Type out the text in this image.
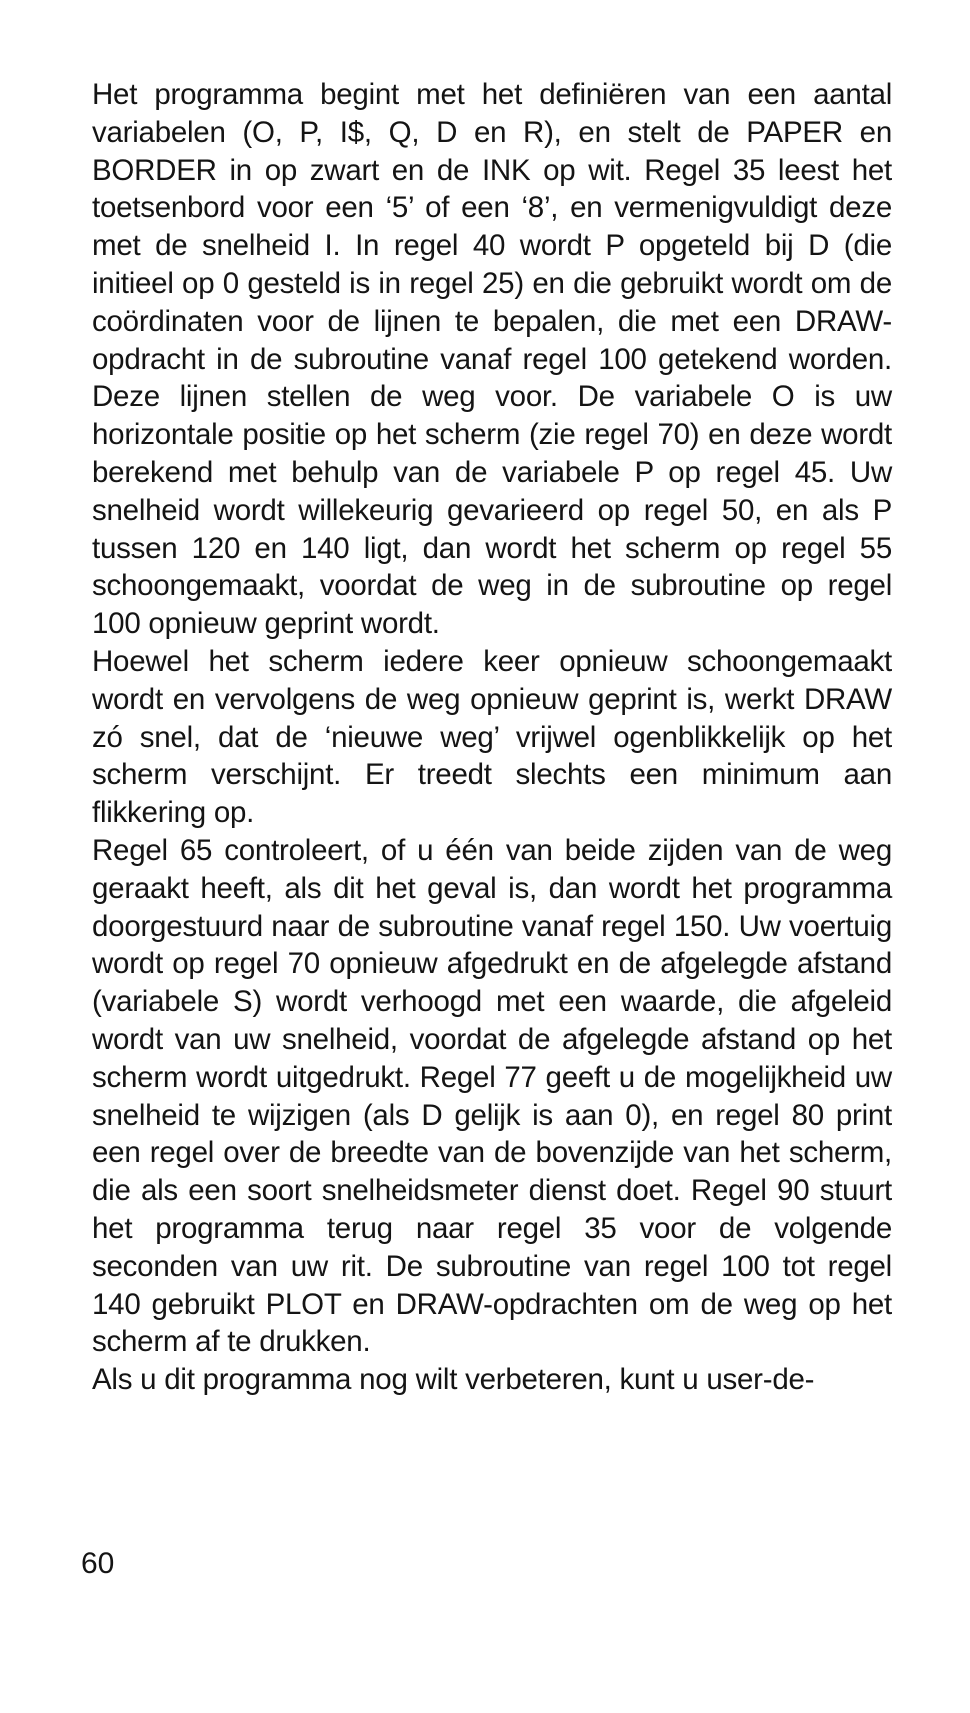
Het programma begint met het definiëren van een aantal variabelen (O, P, I$, Q, D en R), en stelt de PAPER en BORDER in op zwart en de INK op wit. Regel 35 leest het toetsenbord voor een ‘5’ of een ‘8’, en vermenigvuldigt deze met de snelheid I. In regel 40 wordt P opgeteld bij D (die initieel op 0 gesteld is in regel 25) en die gebruikt wordt om de coördinaten voor de lijnen te bepalen, die met een DRAW-opdracht in de subroutine vanaf regel 100 getekend worden. Deze lijnen stellen de weg voor. De variabele O is uw horizontale positie op het scherm (zie regel 70) en deze wordt berekend met behulp van de variabele P op regel 45. Uw snelheid wordt willekeurig gevarieerd op regel 50, en als P tussen 120 en 140 ligt, dan wordt het scherm op regel 55 schoongemaakt, voordat de weg in de subroutine op regel 100 opnieuw geprint wordt.

Hoewel het scherm iedere keer opnieuw schoongemaakt wordt en vervolgens de weg opnieuw geprint is, werkt DRAW zó snel, dat de ‘nieuwe weg’ vrijwel ogenblikkelijk op het scherm verschijnt. Er treedt slechts een minimum aan flikkering op.

Regel 65 controleert, of u één van beide zijden van de weg geraakt heeft, als dit het geval is, dan wordt het programma doorgestuurd naar de subroutine vanaf regel 150. Uw voertuig wordt op regel 70 opnieuw afgedrukt en de afgelegde afstand (variabele S) wordt verhoogd met een waarde, die afgeleid wordt van uw snelheid, voordat de afgelegde afstand op het scherm wordt uitgedrukt. Regel 77 geeft u de mogelijkheid uw snelheid te wijzigen (als D gelijk is aan 0), en regel 80 print een regel over de breedte van de bovenzijde van het scherm, die als een soort snelheidsmeter dienst doet. Regel 90 stuurt het programma terug naar regel 35 voor de volgende seconden van uw rit. De subroutine van regel 100 tot regel 140 gebruikt PLOT en DRAW-opdrachten om de weg op het scherm af te drukken.

Als u dit programma nog wilt verbeteren, kunt u user-de-

60
